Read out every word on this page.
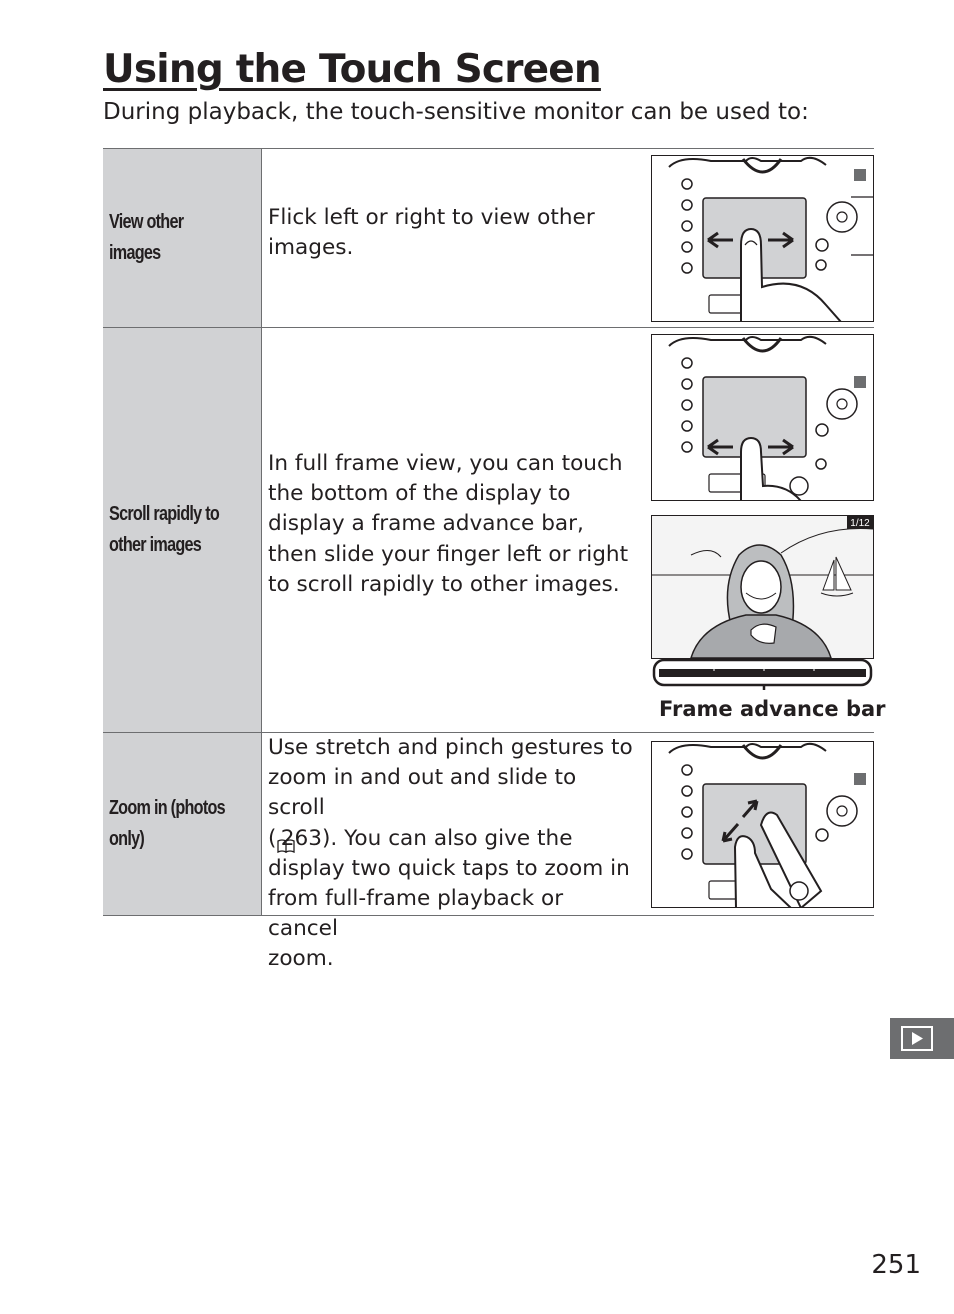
Using the Touch Screen

During playback, the touch-sensitive monitor can be used to:

View other
images
Flick left or right to view other images.
Scroll rapidly to
other images
In full frame view, you can touch the bottom of the display to display a frame advance bar, then slide your finger left or right to scroll rapidly to other images.
1/12
Frame advance bar
Zoom in (photos
only)
Use stretch and pinch gestures to
zoom in and out and slide to scroll
( 263). You can also give the
display two quick taps to zoom in
from full-frame playback or cancel
zoom.
251
